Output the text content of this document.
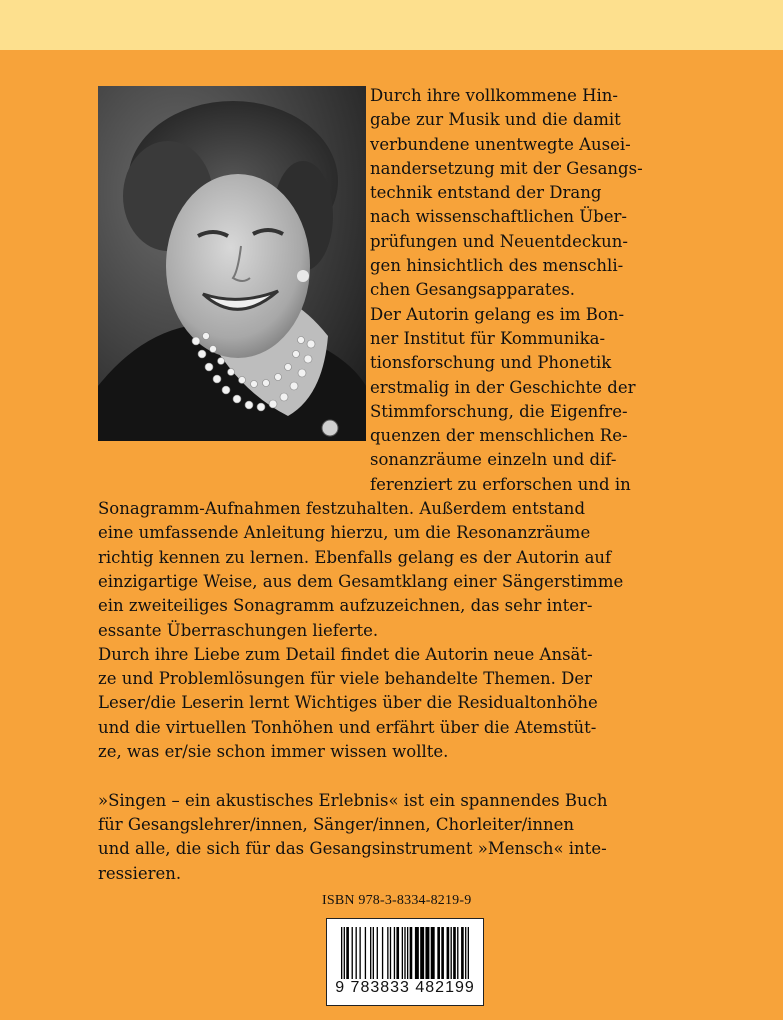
Durch ihre vollkommene Hin-
gabe zur Musik und die damit
verbundene unentwegte Ausei-
nandersetzung mit der Gesangs-
technik entstand der Drang
nach wissenschaftlichen Über-
prüfungen und Neuentdeckun-
gen hinsichtlich des menschli-
chen Gesangsapparates.
Der Autorin gelang es im Bon-
ner Institut für Kommunika-
tionsforschung und Phonetik
erstmalig in der Geschichte der
Stimmforschung, die Eigenfre-
quenzen der menschlichen Re-
sonanzräume einzeln und dif-
ferenziert zu erforschen und in
Sonagramm-Aufnahmen festzuhalten. Außerdem entstand
eine umfassende Anleitung hierzu, um die Resonanzräume
richtig kennen zu lernen. Ebenfalls gelang es der Autorin auf
einzigartige Weise, aus dem Gesamtklang einer Sängerstimme
ein zweiteiliges Sonagramm aufzuzeichnen, das sehr inter-
essante Überraschungen lieferte.
Durch ihre Liebe zum Detail findet die Autorin neue Ansät-
ze und Problemlösungen für viele behandelte Themen. Der
Leser/die Leserin lernt Wichtiges über die Residualtonhöhe
und die virtuellen Tonhöhen und erfährt über die Atemstüt-
ze, was er/sie schon immer wissen wollte.
»Singen – ein akustisches Erlebnis« ist ein spannendes Buch
für Gesangslehrer/innen, Sänger/innen, Chorleiter/innen
und alle, die sich für das Gesangsinstrument »Mensch« inte-
ressieren.
ISBN 978-3-8334-8219-9
9 783833 482199
